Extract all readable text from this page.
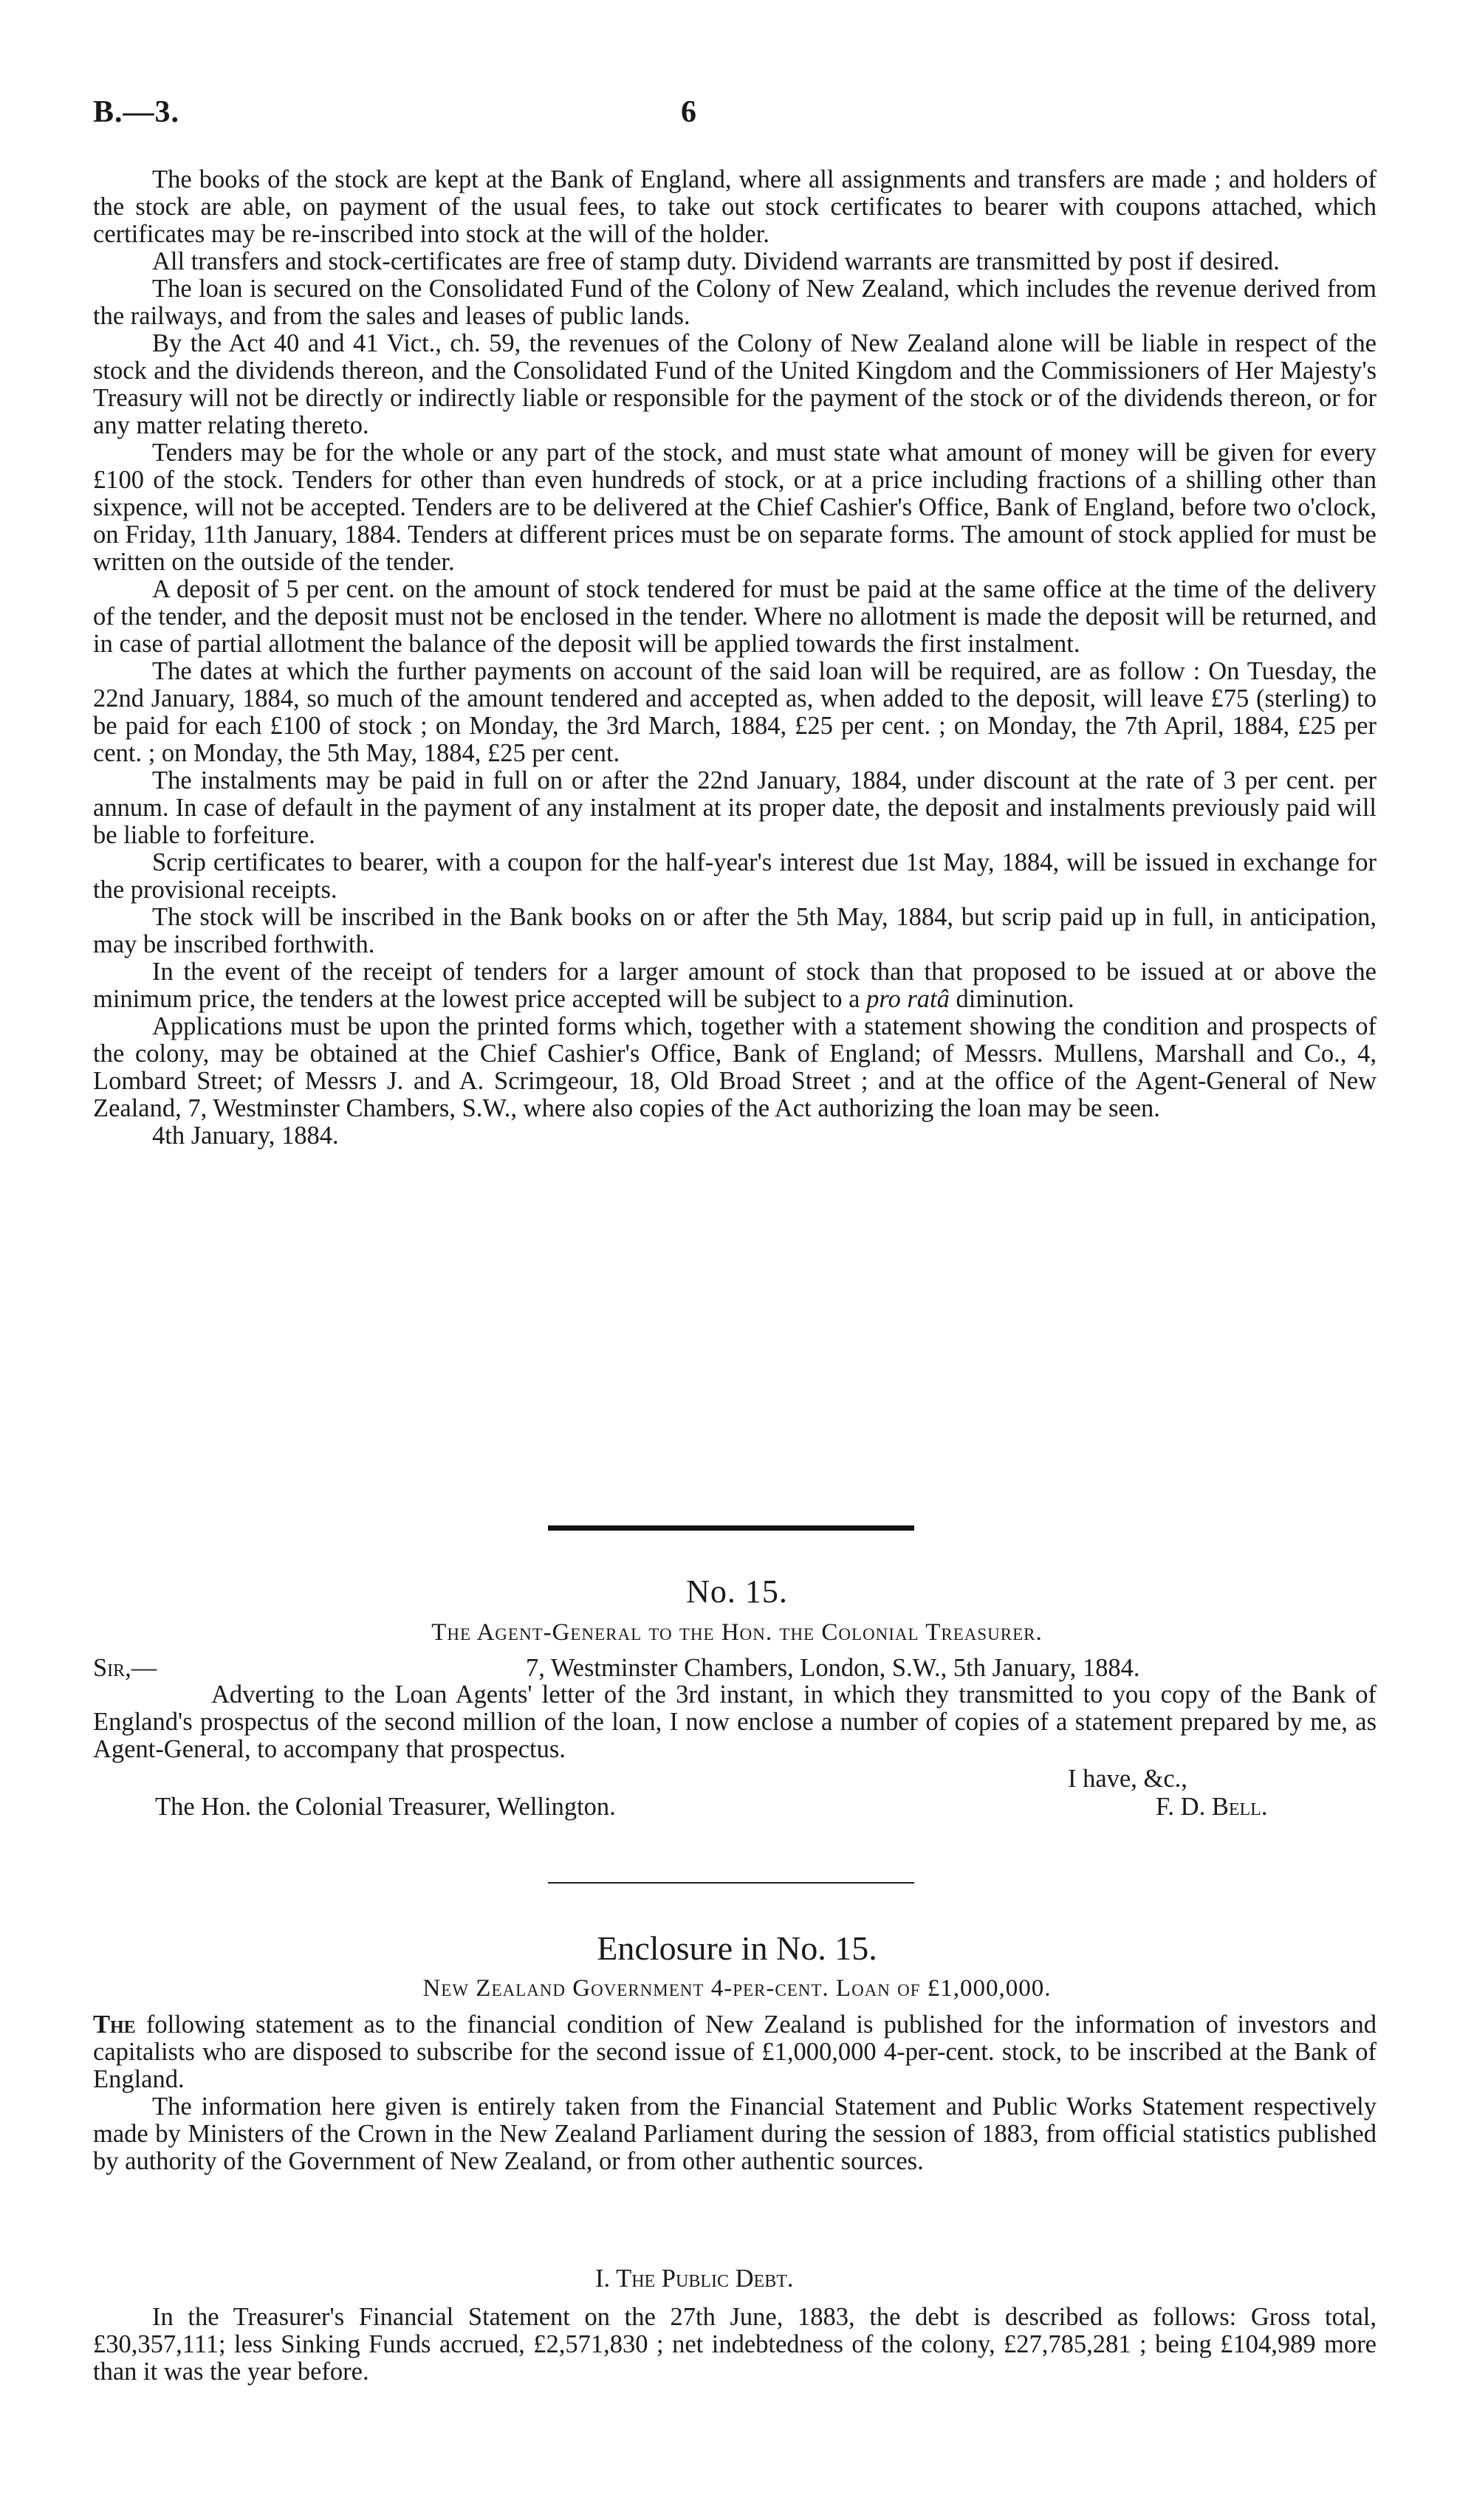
B.—3.	6

The books of the stock are kept at the Bank of England, where all assignments and transfers are made ; and holders of the stock are able, on payment of the usual fees, to take out stock certificates to bearer with coupons attached, which certificates may be re-inscribed into stock at the will of the holder.

All transfers and stock-certificates are free of stamp duty. Dividend warrants are transmitted by post if desired.

The loan is secured on the Consolidated Fund of the Colony of New Zealand, which includes the revenue derived from the railways, and from the sales and leases of public lands.

By the Act 40 and 41 Vict., ch. 59, the revenues of the Colony of New Zealand alone will be liable in respect of the stock and the dividends thereon, and the Consolidated Fund of the United Kingdom and the Commissioners of Her Majesty's Treasury will not be directly or indirectly liable or responsible for the payment of the stock or of the dividends thereon, or for any matter relating thereto.

Tenders may be for the whole or any part of the stock, and must state what amount of money will be given for every £100 of the stock. Tenders for other than even hundreds of stock, or at a price including fractions of a shilling other than sixpence, will not be accepted. Tenders are to be delivered at the Chief Cashier's Office, Bank of England, before two o'clock, on Friday, 11th January, 1884. Tenders at different prices must be on separate forms. The amount of stock applied for must be written on the outside of the tender.

A deposit of 5 per cent. on the amount of stock tendered for must be paid at the same office at the time of the delivery of the tender, and the deposit must not be enclosed in the tender. Where no allotment is made the deposit will be returned, and in case of partial allotment the balance of the deposit will be applied towards the first instalment.

The dates at which the further payments on account of the said loan will be required, are as follow : On Tuesday, the 22nd January, 1884, so much of the amount tendered and accepted as, when added to the deposit, will leave £75 (sterling) to be paid for each £100 of stock ; on Monday, the 3rd March, 1884, £25 per cent. ; on Monday, the 7th April, 1884, £25 per cent. ; on Monday, the 5th May, 1884, £25 per cent.

The instalments may be paid in full on or after the 22nd January, 1884, under discount at the rate of 3 per cent. per annum. In case of default in the payment of any instalment at its proper date, the deposit and instalments previously paid will be liable to forfeiture.

Scrip certificates to bearer, with a coupon for the half-year's interest due 1st May, 1884, will be issued in exchange for the provisional receipts.

The stock will be inscribed in the Bank books on or after the 5th May, 1884, but scrip paid up in full, in anticipation, may be inscribed forthwith.

In the event of the receipt of tenders for a larger amount of stock than that proposed to be issued at or above the minimum price, the tenders at the lowest price accepted will be subject to a pro ratâ diminution.

Applications must be upon the printed forms which, together with a statement showing the condition and prospects of the colony, may be obtained at the Chief Cashier's Office, Bank of England; of Messrs. Mullens, Marshall and Co., 4, Lombard Street; of Messrs J. and A. Scrimgeour, 18, Old Broad Street ; and at the office of the Agent-General of New Zealand, 7, Westminster Chambers, S.W., where also copies of the Act authorizing the loan may be seen.

4th January, 1884.

No. 15.
The Agent-General to the Hon. the Colonial Treasurer.
Sir,—	7, Westminster Chambers, London, S.W., 5th January, 1884.

Adverting to the Loan Agents' letter of the 3rd instant, in which they transmitted to you copy of the Bank of England's prospectus of the second million of the loan, I now enclose a number of copies of a statement prepared by me, as Agent-General, to accompany that prospectus.

I have, &c.,
The Hon. the Colonial Treasurer, Wellington.	F. D. Bell.
Enclosure in No. 15.
New Zealand Government 4-per-cent. Loan of £1,000,000.

The following statement as to the financial condition of New Zealand is published for the information of investors and capitalists who are disposed to subscribe for the second issue of £1,000,000 4-per-cent. stock, to be inscribed at the Bank of England.

The information here given is entirely taken from the Financial Statement and Public Works Statement respectively made by Ministers of the Crown in the New Zealand Parliament during the session of 1883, from official statistics published by authority of the Government of New Zealand, or from other authentic sources.

I. The Public Debt.

In the Treasurer's Financial Statement on the 27th June, 1883, the debt is described as follows: Gross total, £30,357,111; less Sinking Funds accrued, £2,571,830 ; net indebtedness of the colony, £27,785,281 ; being £104,989 more than it was the year before.
